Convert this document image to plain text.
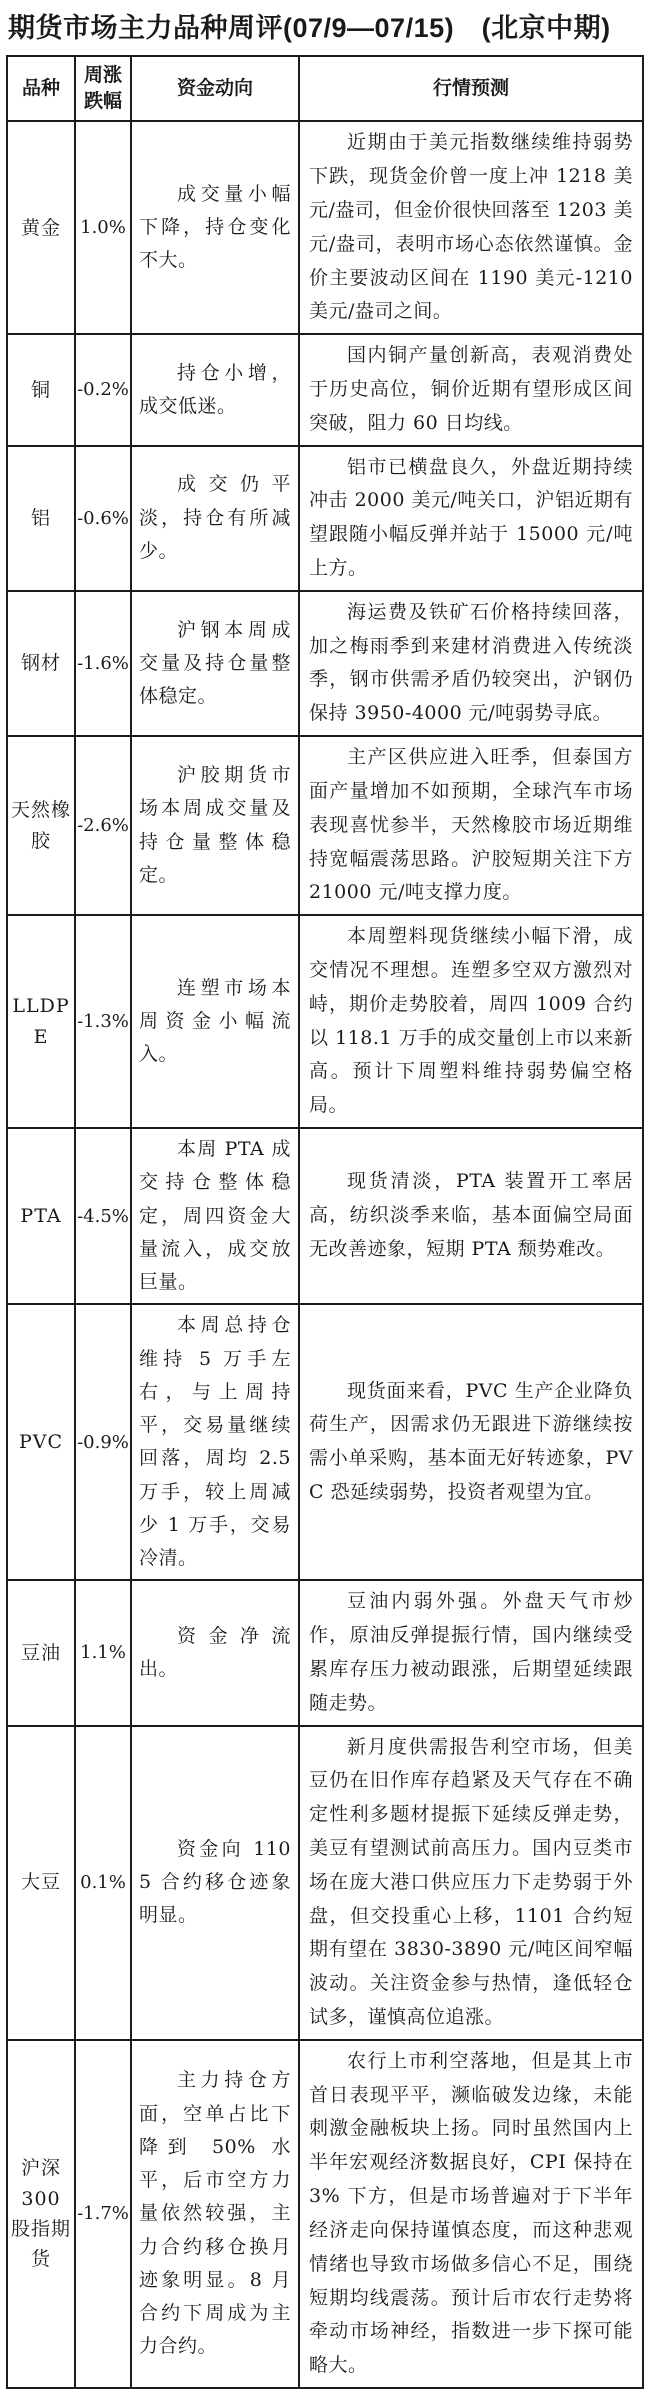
期货市场主力品种周评(07/9—07/15)　(北京中期)
品种	周涨跌幅	资金动向	行情预测
黄金	1.0%	成交量小幅下降，持仓变化不大。	近期由于美元指数继续维持弱势下跌，现货金价曾一度上冲 1218 美元/盎司，但金价很快回落至 1203 美元/盎司，表明市场心态依然谨慎。金价主要波动区间在 1190 美元-1210 美元/盎司之间。
铜	-0.2%	持仓小增，成交低迷。	国内铜产量创新高，表观消费处于历史高位，铜价近期有望形成区间突破，阻力 60 日均线。
铝	-0.6%	成交仍平淡，持仓有所减少。	铝市已横盘良久，外盘近期持续冲击 2000 美元/吨关口，沪铝近期有望跟随小幅反弹并站于 15000 元/吨上方。
钢材	-1.6%	沪钢本周成交量及持仓量整体稳定。	海运费及铁矿石价格持续回落，加之梅雨季到来建材消费进入传统淡季，钢市供需矛盾仍较突出，沪钢仍保持 3950-4000 元/吨弱势寻底。
天然橡胶	-2.6%	沪胶期货市场本周成交量及持仓量整体稳定。	主产区供应进入旺季，但泰国方面产量增加不如预期，全球汽车市场表现喜忧参半，天然橡胶市场近期维持宽幅震荡思路。沪胶短期关注下方 21000 元/吨支撑力度。
LLDPE	-1.3%	连塑市场本周资金小幅流入。	本周塑料现货继续小幅下滑，成交情况不理想。连塑多空双方激烈对峙，期价走势胶着，周四 1009 合约以 118.1 万手的成交量创上市以来新高。预计下周塑料维持弱势偏空格局。
PTA	-4.5%	本周 PTA 成交持仓整体稳定，周四资金大量流入，成交放巨量。	现货清淡，PTA 装置开工率居高，纺织淡季来临，基本面偏空局面无改善迹象，短期 PTA 颓势难改。
PVC	-0.9%	本周总持仓维持 5 万手左右，与上周持平，交易量继续回落，周均 2.5 万手，较上周减少 1 万手，交易冷清。	现货面来看，PVC 生产企业降负荷生产，因需求仍无跟进下游继续按需小单采购，基本面无好转迹象，PVC 恐延续弱势，投资者观望为宜。
豆油	1.1%	资金净流出。	豆油内弱外强。外盘天气市炒作，原油反弹提振行情，国内继续受累库存压力被动跟涨，后期望延续跟随走势。
大豆	0.1%	资金向 1105 合约移仓迹象明显。	新月度供需报告利空市场，但美豆仍在旧作库存趋紧及天气存在不确定性利多题材提振下延续反弹走势，美豆有望测试前高压力。国内豆类市场在庞大港口供应压力下走势弱于外盘，但交投重心上移，1101 合约短期有望在 3830-3890 元/吨区间窄幅波动。关注资金参与热情，逢低轻仓试多，谨慎高位追涨。
沪深 300 股指期货	-1.7%	主力持仓方面，空单占比下降到 50% 水平，后市空方力量依然较强，主力合约移仓换月迹象明显。8 月合约下周成为主力合约。	农行上市利空落地，但是其上市首日表现平平，濒临破发边缘，未能刺激金融板块上扬。同时虽然国内上半年宏观经济数据良好，CPI 保持在 3% 下方，但是市场普遍对于下半年经济走向保持谨慎态度，而这种悲观情绪也导致市场做多信心不足，围绕短期均线震荡。预计后市农行走势将牵动市场神经，指数进一步下探可能略大。
